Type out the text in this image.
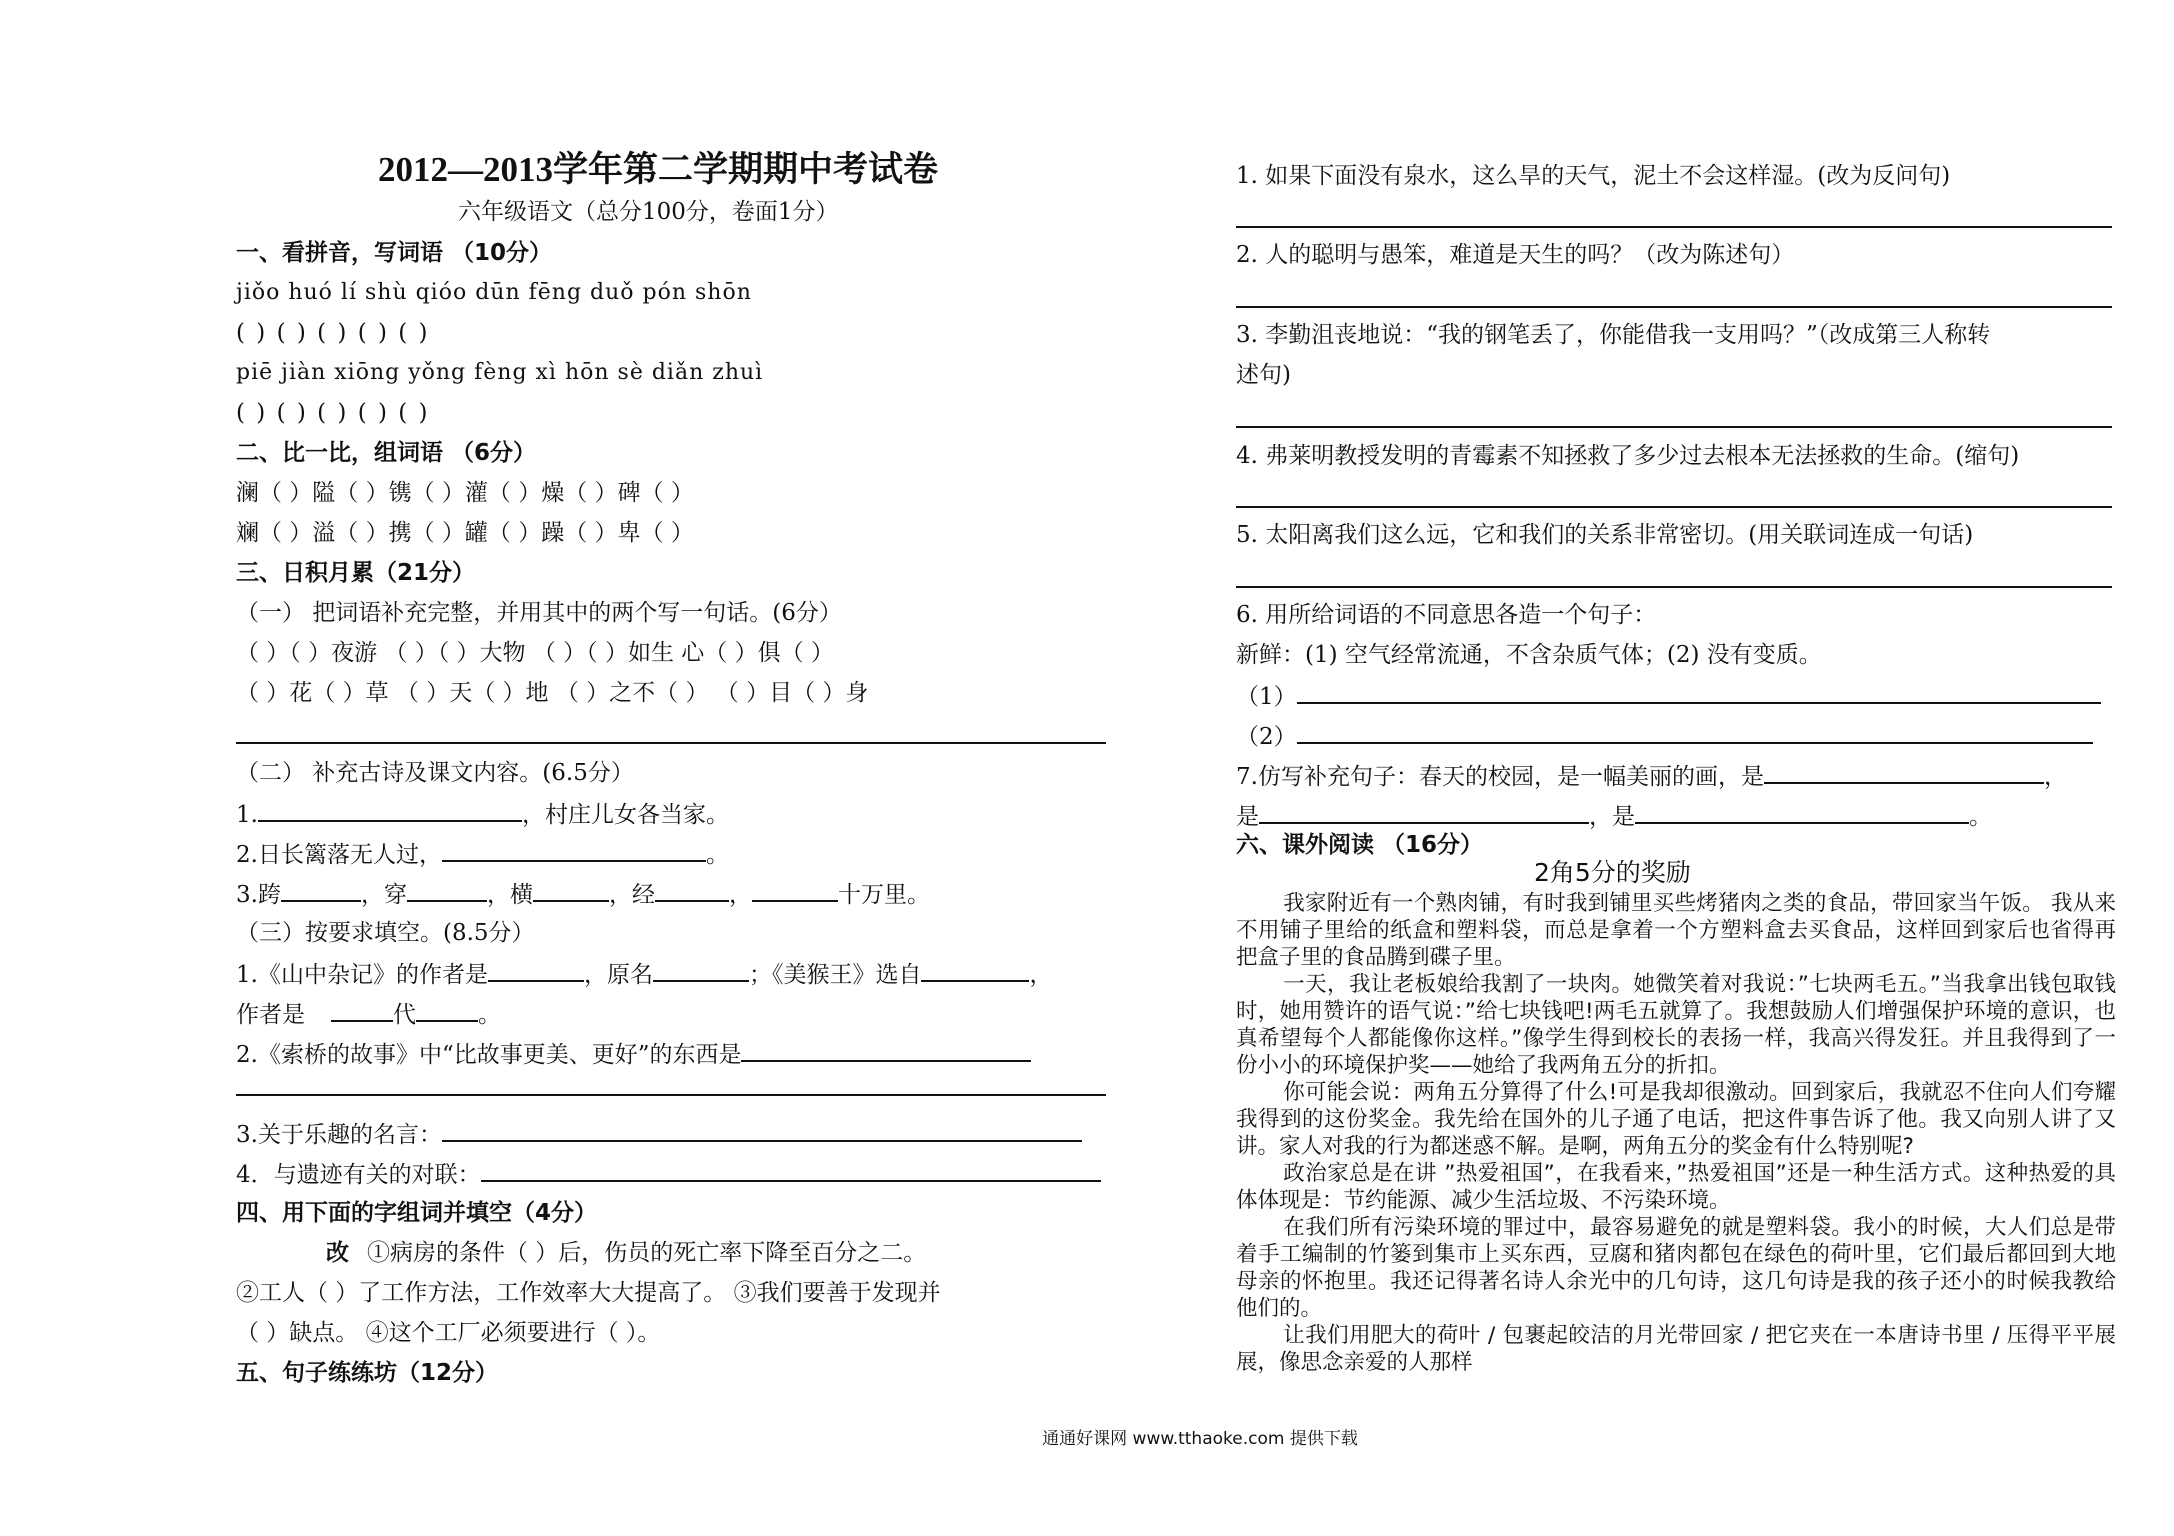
2012—2013学年第二学期期中考试卷
六年级语文（总分100分，卷面1分）
一、看拼音，写词语 （10分）
jiǒo huó lí shù qióo dūn fēng duǒ pón shōn
( ) ( ) ( ) ( ) ( )
piē jiàn xiōng yǒng fèng xì hōn sè diǎn zhuì
( ) ( ) ( ) ( ) ( )
二、比一比，组词语 （6分）
澜（ ）隘（ ）镌（ ）灌（ ）燥（ ）碑（ ）
斓（ ）溢（ ）携（ ）罐（ ）躁（ ）卑（ ）
三、日积月累（21分）
（一） 把词语补充完整，并用其中的两个写一句话。(6分）
（ ）（ ）夜游 （ ）（ ）大物 （ ）（ ）如生 心（ ）俱（ ）
（ ）花（ ）草 （ ）天（ ）地 （ ）之不（ ） （ ）目（ ）身
（二） 补充古诗及课文内容。(6.5分）
1.	，村庄儿女各当家。
2.日长篱落无人过，	。
3.跨	，穿	，横	，经	，	十万里。
（三）按要求填空。(8.5分）
1.《山中杂记》的作者是	，原名	；《美猴王》选自	，
作者是	代	。
2.《索桥的故事》中“比故事更美、更好”的东西是
3.关于乐趣的名言：
4．与遗迹有关的对联：
四、用下面的字组词并填空（4分）
改 ①病房的条件（ ）后，伤员的死亡率下降至百分之二。
②工人（ ）了工作方法，工作效率大大提高了。 ③我们要善于发现并
（ ）缺点。 ④这个工厂必须要进行（ ）。
五、句子练练坊（12分）
1. 如果下面没有泉水，这么旱的天气，泥土不会这样湿。(改为反问句)
2. 人的聪明与愚笨，难道是天生的吗？（改为陈述句）
3. 李勤沮丧地说：“我的钢笔丢了，你能借我一支用吗？”（改成第三人称转
述句)
4. 弗莱明教授发明的青霉素不知拯救了多少过去根本无法拯救的生命。(缩句)
5. 太阳离我们这么远，它和我们的关系非常密切。(用关联词连成一句话)
6. 用所给词语的不同意思各造一个句子：
新鲜：(1) 空气经常流通，不含杂质气体；(2) 没有变质。
（1）
（2）
7.仿写补充句子：春天的校园，是一幅美丽的画，是	，
是	，是	。
六、课外阅读 （16分）
2角5分的奖励

我家附近有一个熟肉铺，有时我到铺里买些烤猪肉之类的食品，带回家当午饭。 我从来不用铺子里给的纸盒和塑料袋，而总是拿着一个方塑料盒去买食品，这样回到家后也省得再把盒子里的食品腾到碟子里。

一天，我让老板娘给我割了一块肉。她微笑着对我说：”七块两毛五。”当我拿出钱包取钱时，她用赞许的语气说：”给七块钱吧!两毛五就算了。我想鼓励人们增强保护环境的意识，也真希望每个人都能像你这样。”像学生得到校长的表扬一样，我高兴得发狂。并且我得到了一份小小的环境保护奖——她给了我两角五分的折扣。

你可能会说：两角五分算得了什么!可是我却很激动。回到家后，我就忍不住向人们夸耀我得到的这份奖金。我先给在国外的儿子通了电话，把这件事告诉了他。我又向别人讲了又讲。家人对我的行为都迷惑不解。是啊，两角五分的奖金有什么特别呢?

政治家总是在讲 ”热爱祖国”，在我看来，”热爱祖国”还是一种生活方式。这种热爱的具体体现是：节约能源、减少生活垃圾、不污染环境。

在我们所有污染环境的罪过中，最容易避免的就是塑料袋。我小的时候，大人们总是带着手工编制的竹篓到集市上买东西，豆腐和猪肉都包在绿色的荷叶里，它们最后都回到大地母亲的怀抱里。我还记得著名诗人余光中的几句诗，这几句诗是我的孩子还小的时候我教给他们的。

让我们用肥大的荷叶 / 包裹起皎洁的月光带回家 / 把它夹在一本唐诗书里 / 压得平平展展，像思念亲爱的人那样

通通好课网 www.tthaoke.com 提供下载
